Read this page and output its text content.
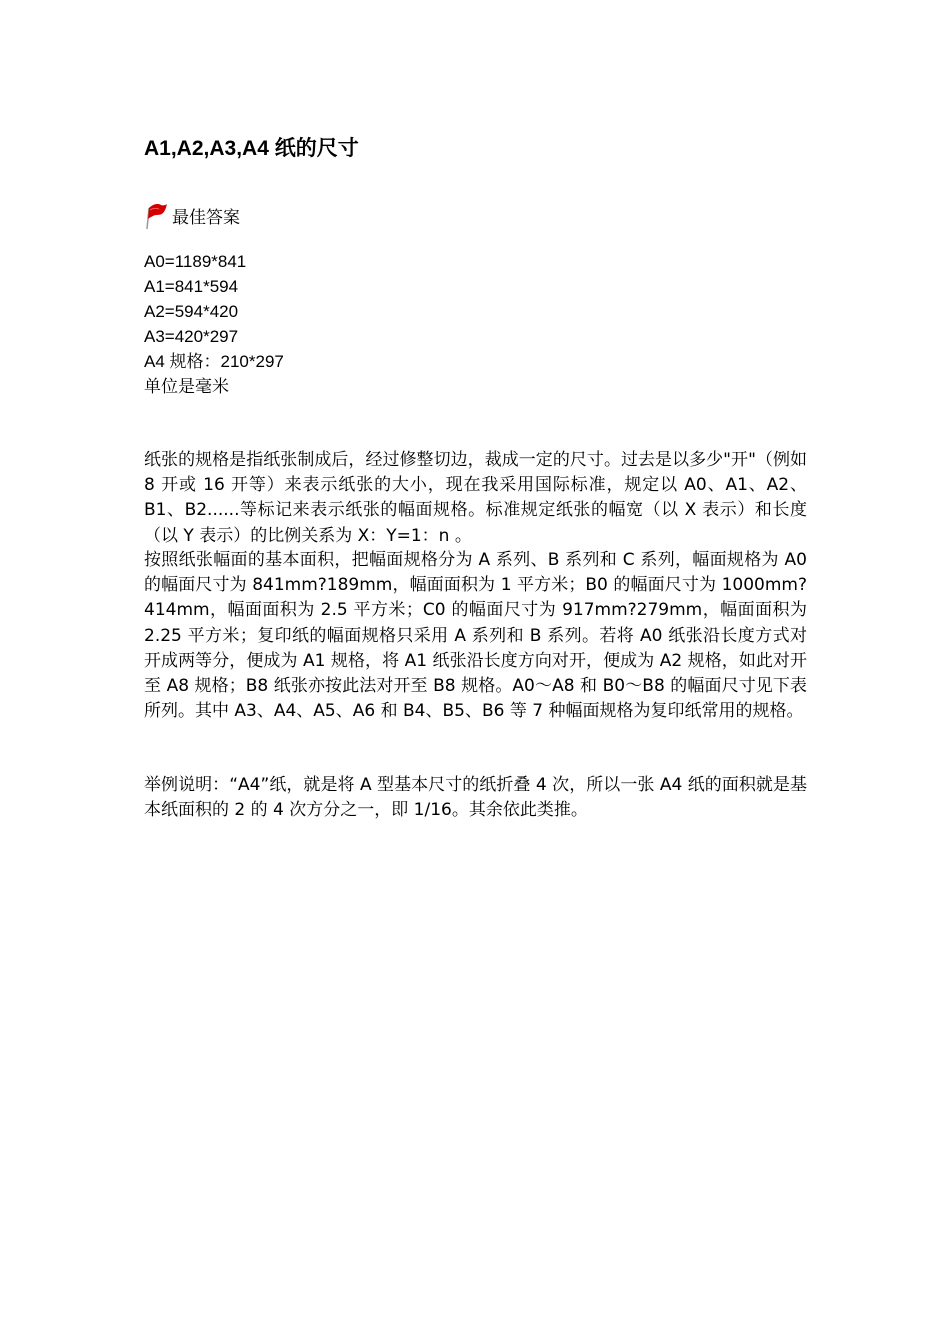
A1,A2,A3,A4 纸的尺寸
最佳答案
A0=1189*841
A1=841*594
A2=594*420
A3=420*297
A4 规格：210*297
单位是毫米

纸张的规格是指纸张制成后，经过修整切边，裁成一定的尺寸。过去是以多少"开"（例如 8 开或 16 开等）来表示纸张的大小，现在我采用国际标准，规定以 A0、A1、A2、B1、B2......等标记来表示纸张的幅面规格。标准规定纸张的幅宽（以 X 表示）和长度（以 Y 表示）的比例关系为 X：Y=1：n 。

按照纸张幅面的基本面积，把幅面规格分为 A 系列、B 系列和 C 系列，幅面规格为 A0 的幅面尺寸为 841mm?189mm，幅面面积为 1 平方米；B0 的幅面尺寸为 1000mm?414mm，幅面面积为 2.5 平方米；C0 的幅面尺寸为 917mm?279mm，幅面面积为 2.25 平方米；复印纸的幅面规格只采用 A 系列和 B 系列。若将 A0 纸张沿长度方式对开成两等分，便成为 A1 规格，将 A1 纸张沿长度方向对开，便成为 A2 规格，如此对开至 A8 规格；B8 纸张亦按此法对开至 B8 规格。A0～A8 和 B0～B8 的幅面尺寸见下表所列。其中 A3、A4、A5、A6 和 B4、B5、B6 等 7 种幅面规格为复印纸常用的规格。

举例说明：“A4”纸，就是将 A 型基本尺寸的纸折叠 4 次，所以一张 A4 纸的面积就是基本纸面积的 2 的 4 次方分之一，即 1/16。其余依此类推。
